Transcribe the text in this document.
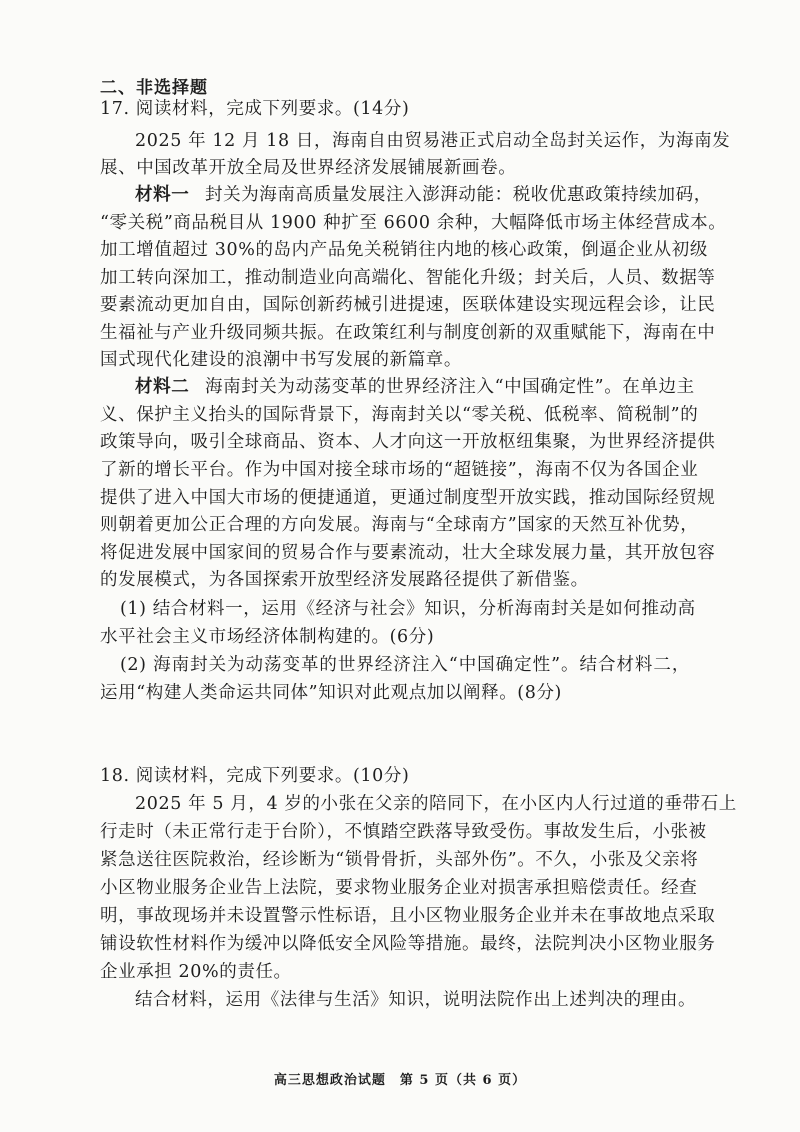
二、非选择题
17. 阅读材料，完成下列要求。(14分)
2025 年 12 月 18 日，海南自由贸易港正式启动全岛封关运作，为海南发
展、中国改革开放全局及世界经济发展铺展新画卷。
材料一 封关为海南高质量发展注入澎湃动能：税收优惠政策持续加码，
“零关税”商品税目从 1900 种扩至 6600 余种，大幅降低市场主体经营成本。
加工增值超过 30%的岛内产品免关税销往内地的核心政策，倒逼企业从初级
加工转向深加工，推动制造业向高端化、智能化升级；封关后，人员、数据等
要素流动更加自由，国际创新药械引进提速，医联体建设实现远程会诊，让民
生福祉与产业升级同频共振。在政策红利与制度创新的双重赋能下，海南在中
国式现代化建设的浪潮中书写发展的新篇章。
材料二 海南封关为动荡变革的世界经济注入“中国确定性”。在单边主
义、保护主义抬头的国际背景下，海南封关以“零关税、低税率、简税制”的
政策导向，吸引全球商品、资本、人才向这一开放枢纽集聚，为世界经济提供
了新的增长平台。作为中国对接全球市场的“超链接”，海南不仅为各国企业
提供了进入中国大市场的便捷通道，更通过制度型开放实践，推动国际经贸规
则朝着更加公正合理的方向发展。海南与“全球南方”国家的天然互补优势，
将促进发展中国家间的贸易合作与要素流动，壮大全球发展力量，其开放包容
的发展模式，为各国探索开放型经济发展路径提供了新借鉴。
(1) 结合材料一，运用《经济与社会》知识，分析海南封关是如何推动高
水平社会主义市场经济体制构建的。(6分)
(2) 海南封关为动荡变革的世界经济注入“中国确定性”。结合材料二，
运用“构建人类命运共同体”知识对此观点加以阐释。(8分)
18. 阅读材料，完成下列要求。(10分)
2025 年 5 月，4 岁的小张在父亲的陪同下，在小区内人行过道的垂带石上
行走时（未正常行走于台阶），不慎踏空跌落导致受伤。事故发生后，小张被
紧急送往医院救治，经诊断为“锁骨骨折，头部外伤”。不久，小张及父亲将
小区物业服务企业告上法院，要求物业服务企业对损害承担赔偿责任。经查
明，事故现场并未设置警示性标语，且小区物业服务企业并未在事故地点采取
铺设软性材料作为缓冲以降低安全风险等措施。最终，法院判决小区物业服务
企业承担 20%的责任。
结合材料，运用《法律与生活》知识，说明法院作出上述判决的理由。
高三思想政治试题　第 5 页（共 6 页）
